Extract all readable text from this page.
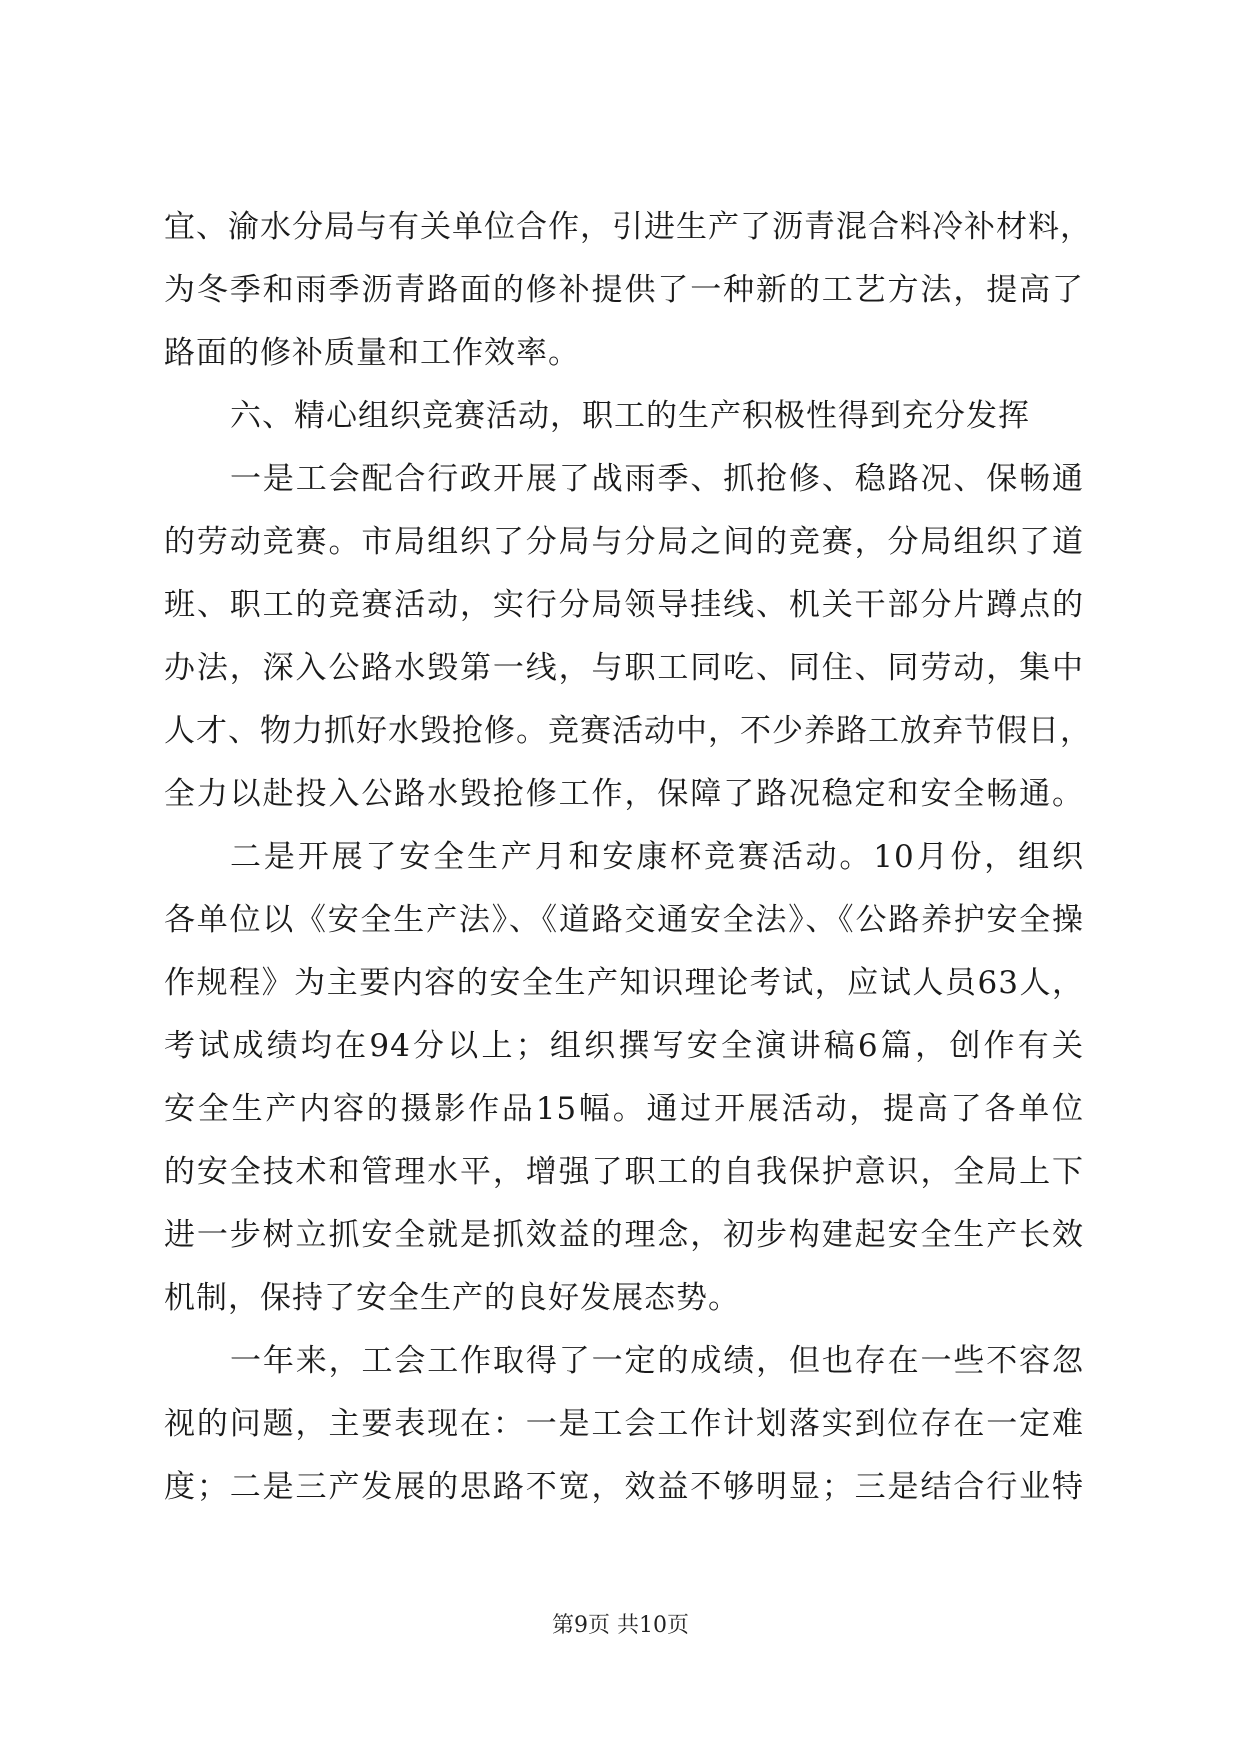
宜、渝水分局与有关单位合作，引进生产了沥青混合料冷补材料，
为冬季和雨季沥青路面的修补提供了一种新的工艺方法，提高了
路面的修补质量和工作效率。
六、精心组织竞赛活动，职工的生产积极性得到充分发挥
一是工会配合行政开展了战雨季、抓抢修、稳路况、保畅通
的劳动竞赛。市局组织了分局与分局之间的竞赛，分局组织了道
班、职工的竞赛活动，实行分局领导挂线、机关干部分片蹲点的
办法，深入公路水毁第一线，与职工同吃、同住、同劳动，集中
人才、物力抓好水毁抢修。竞赛活动中，不少养路工放弃节假日，
全力以赴投入公路水毁抢修工作，保障了路况稳定和安全畅通。
二是开展了安全生产月和安康杯竞赛活动。10月份，组织
各单位以《安全生产法》、《道路交通安全法》、《公路养护安全操
作规程》为主要内容的安全生产知识理论考试，应试人员63人，
考试成绩均在94分以上；组织撰写安全演讲稿6篇，创作有关
安全生产内容的摄影作品15幅。通过开展活动，提高了各单位
的安全技术和管理水平，增强了职工的自我保护意识，全局上下
进一步树立抓安全就是抓效益的理念，初步构建起安全生产长效
机制，保持了安全生产的良好发展态势。
一年来，工会工作取得了一定的成绩，但也存在一些不容忽
视的问题，主要表现在：一是工会工作计划落实到位存在一定难
度；二是三产发展的思路不宽，效益不够明显；三是结合行业特
第9页 共10页
